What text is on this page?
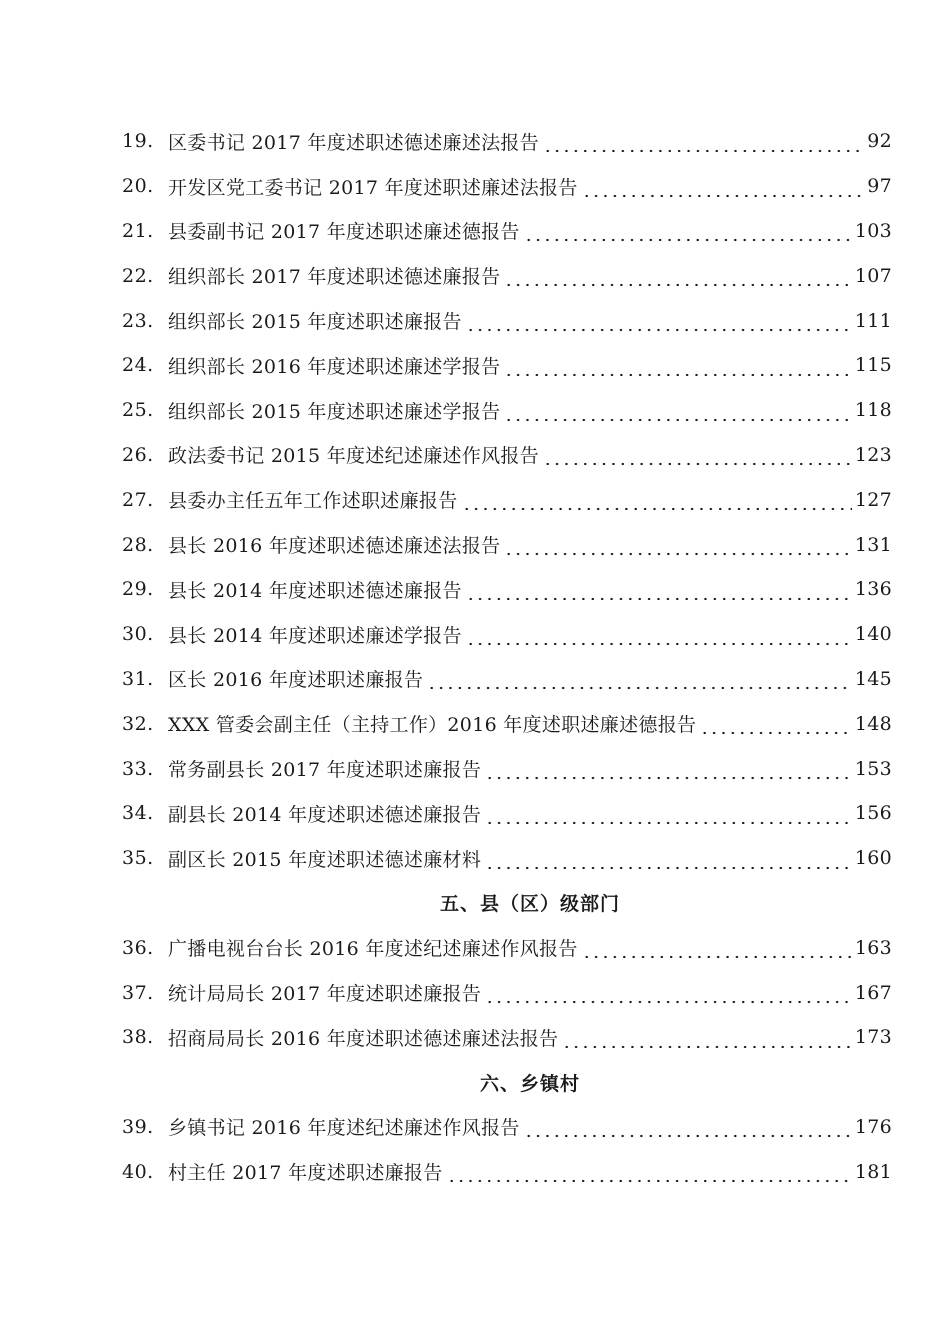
19. 区委书记 2017 年度述职述德述廉述法报告	92
20. 开发区党工委书记 2017 年度述职述廉述法报告	97
21. 县委副书记 2017 年度述职述廉述德报告	103
22. 组织部长 2017 年度述职述德述廉报告	107
23. 组织部长 2015 年度述职述廉报告	111
24. 组织部长 2016 年度述职述廉述学报告	115
25. 组织部长 2015 年度述职述廉述学报告	118
26. 政法委书记 2015 年度述纪述廉述作风报告	123
27. 县委办主任五年工作述职述廉报告	127
28. 县长 2016 年度述职述德述廉述法报告	131
29. 县长 2014 年度述职述德述廉报告	136
30. 县长 2014 年度述职述廉述学报告	140
31. 区长 2016 年度述职述廉报告	145
32. XXX 管委会副主任（主持工作）2016 年度述职述廉述德报告	148
33. 常务副县长 2017 年度述职述廉报告	153
34. 副县长 2014 年度述职述德述廉报告	156
35. 副区长 2015 年度述职述德述廉材料	160
五、县（区）级部门
36. 广播电视台台长 2016 年度述纪述廉述作风报告	163
37. 统计局局长 2017 年度述职述廉报告	167
38. 招商局局长 2016 年度述职述德述廉述法报告	173
六、乡镇村
39. 乡镇书记 2016 年度述纪述廉述作风报告	176
40. 村主任 2017 年度述职述廉报告	181
